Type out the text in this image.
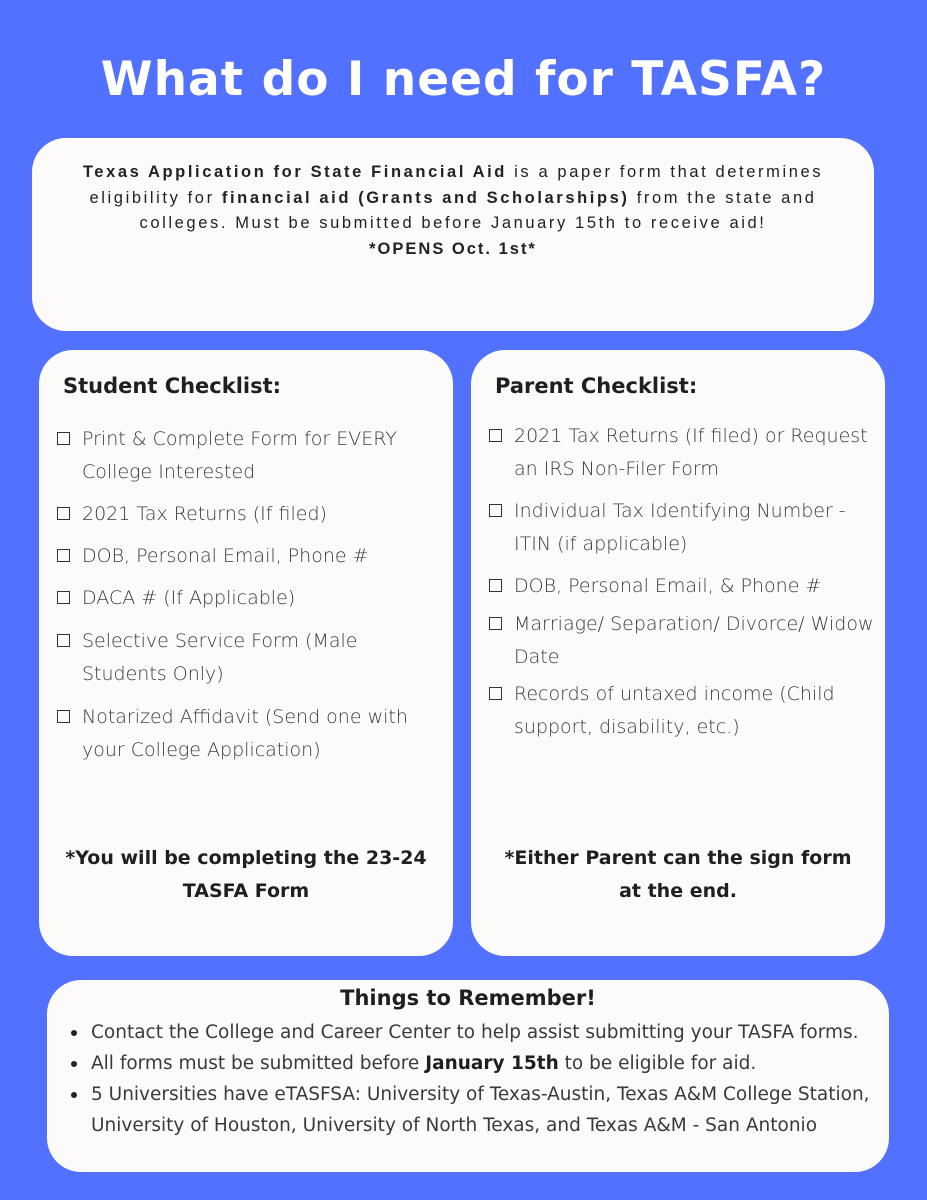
What do I need for TASFA?
Texas Application for State Financial Aid is a paper form that determines eligibility for financial aid (Grants and Scholarships) from the state and colleges. Must be submitted before January 15th to receive aid!
*OPENS Oct. 1st*
Student Checklist:
Print & Complete Form for EVERY College Interested
2021 Tax Returns (If filed)
DOB, Personal Email, Phone #
DACA # (If Applicable)
Selective Service Form (Male Students Only)
Notarized Affidavit (Send one with your College Application)
*You will be completing the 23-24 TASFA Form
Parent Checklist:
2021 Tax Returns (If filed) or Request an IRS Non-Filer Form
Individual Tax Identifying Number - ITIN (if applicable)
DOB, Personal Email, & Phone #
Marriage/ Separation/ Divorce/ Widow Date
Records of untaxed income (Child support, disability, etc.)
*Either Parent can the sign form at the end.
Things to Remember!
Contact the College and Career Center to help assist submitting your TASFA forms.
All forms must be submitted before January 15th to be eligible for aid.
5 Universities have eTASFSA: University of Texas-Austin, Texas A&M College Station, University of Houston, University of North Texas, and Texas A&M - San Antonio
